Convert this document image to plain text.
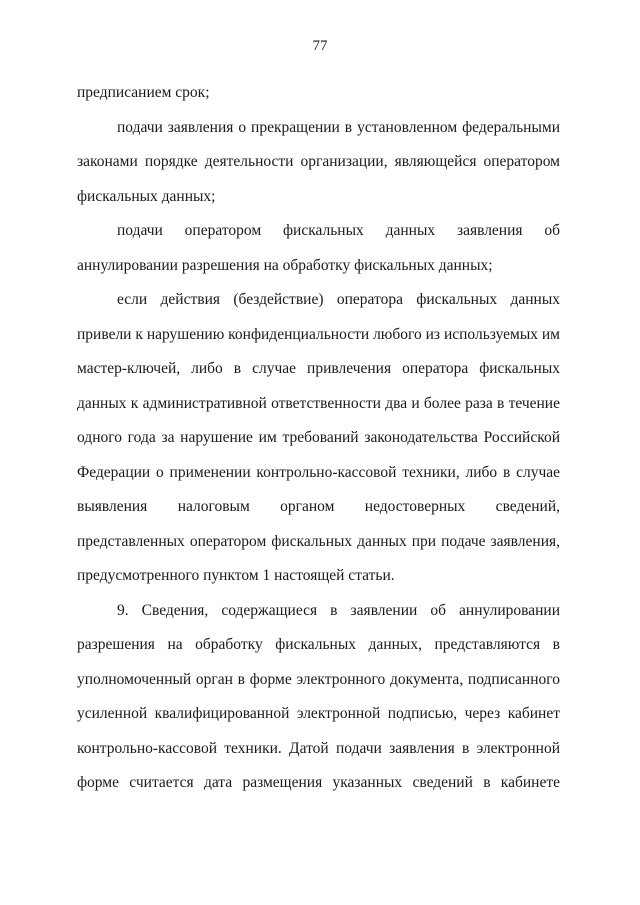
77

предписанием срок;

подачи заявления о прекращении в установленном федеральными законами порядке деятельности организации, являющейся оператором фискальных данных;

подачи оператором фискальных данных заявления об аннулировании разрешения на обработку фискальных данных;

если действия (бездействие) оператора фискальных данных привели к нарушению конфиденциальности любого из используемых им мастер-ключей, либо в случае привлечения оператора фискальных данных к административной ответственности два и более раза в течение одного года за нарушение им требований законодательства Российской Федерации о применении контрольно-кассовой техники, либо в случае выявления налоговым органом недостоверных сведений, представленных оператором фискальных данных при подаче заявления, предусмотренного пунктом 1 настоящей статьи.

9. Сведения, содержащиеся в заявлении об аннулировании разрешения на обработку фискальных данных, представляются в уполномоченный орган в форме электронного документа, подписанного усиленной квалифицированной электронной подписью, через кабинет контрольно-кассовой техники. Датой подачи заявления в электронной форме считается дата размещения указанных сведений в кабинете
